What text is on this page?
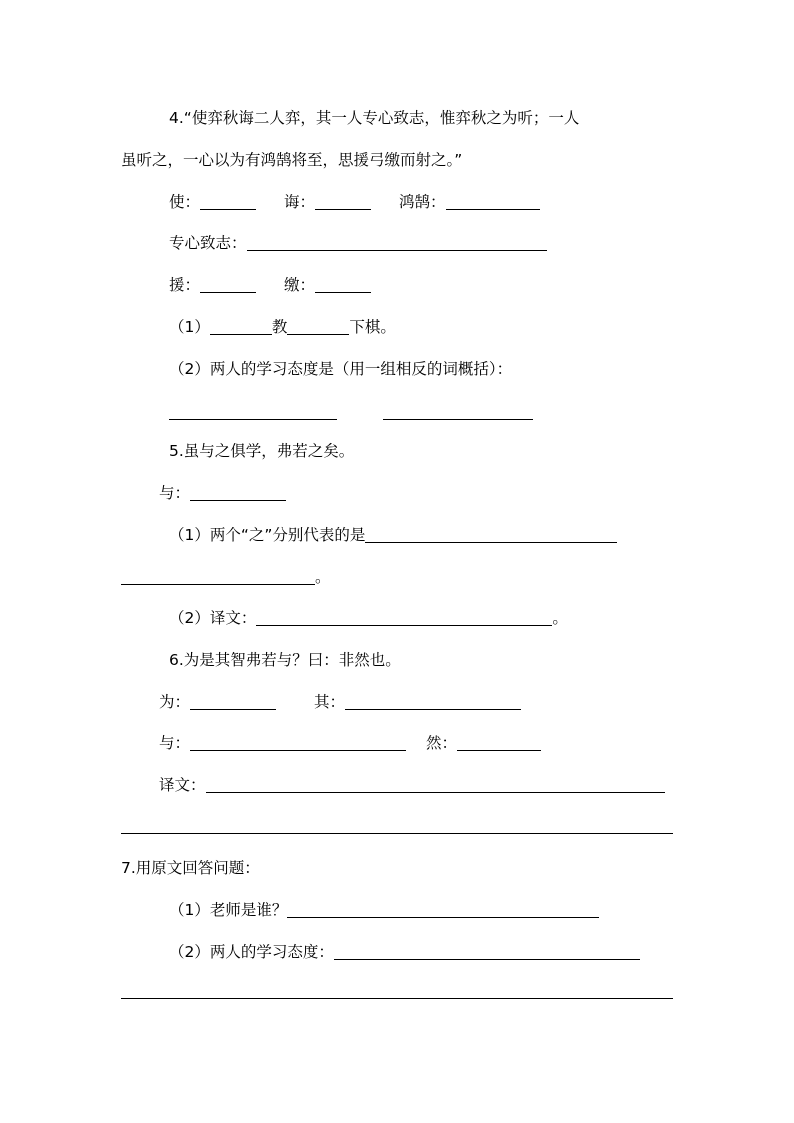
4.“使弈秋诲二人弈，其一人专心致志，惟弈秋之为听；一人
虽听之，一心以为有鸿鹄将至，思援弓缴而射之。”
使：	诲：	鸿鹄：
专心致志：
援：	缴：
（1）	教	下棋。
（2）两人的学习态度是（用一组相反的词概括）：
5.虽与之俱学，弗若之矣。
与：
（1）两个“之”分别代表的是
。
（2）译文：	。
6.为是其智弗若与？曰：非然也。
为：	其：
与：	然：
译文：
7.用原文回答问题：
（1）老师是谁？
（2）两人的学习态度：
